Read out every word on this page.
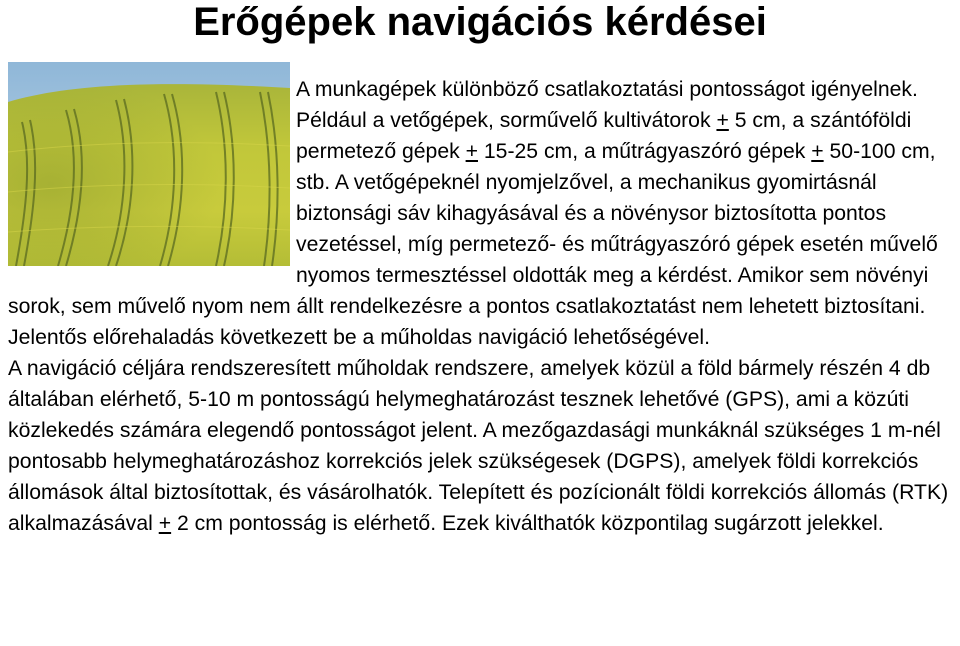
Erőgépek navigációs kérdései

A munkagépek különböző csatlakoztatási pontosságot igényelnek. Például a vetőgépek, sorművelő kultivátorok + 5 cm, a szántóföldi permetező gépek + 15-25 cm, a műtrágyaszóró gépek + 50-100 cm, stb. A vetőgépeknél nyomjelzővel, a mechanikus gyomirtásnál biztonsági sáv kihagyásával és a növénysor biztosította pontos vezetéssel, míg permetező- és műtrágyaszóró gépek esetén művelő nyomos termesztéssel oldották meg a kérdést. Amikor sem növényi sorok, sem művelő nyom nem állt rendelkezésre a pontos csatlakoztatást nem lehetett biztosítani. Jelentős előrehaladás következett be a műholdas navigáció lehetőségével.

A navigáció céljára rendszeresített műholdak rendszere, amelyek közül a föld bármely részén 4 db általában elérhető, 5-10 m pontosságú helymeghatározást tesznek lehetővé (GPS), ami a közúti közlekedés számára elegendő pontosságot jelent. A mezőgazdasági munkáknál szükséges 1 m-nél pontosabb helymeghatározáshoz korrekciós jelek szükségesek (DGPS), amelyek földi korrekciós állomások által biztosítottak, és vásárolhatók. Telepített és pozícionált földi korrekciós állomás (RTK) alkalmazásával + 2 cm pontosság is elérhető. Ezek kiválthatók központilag sugárzott jelekkel.
